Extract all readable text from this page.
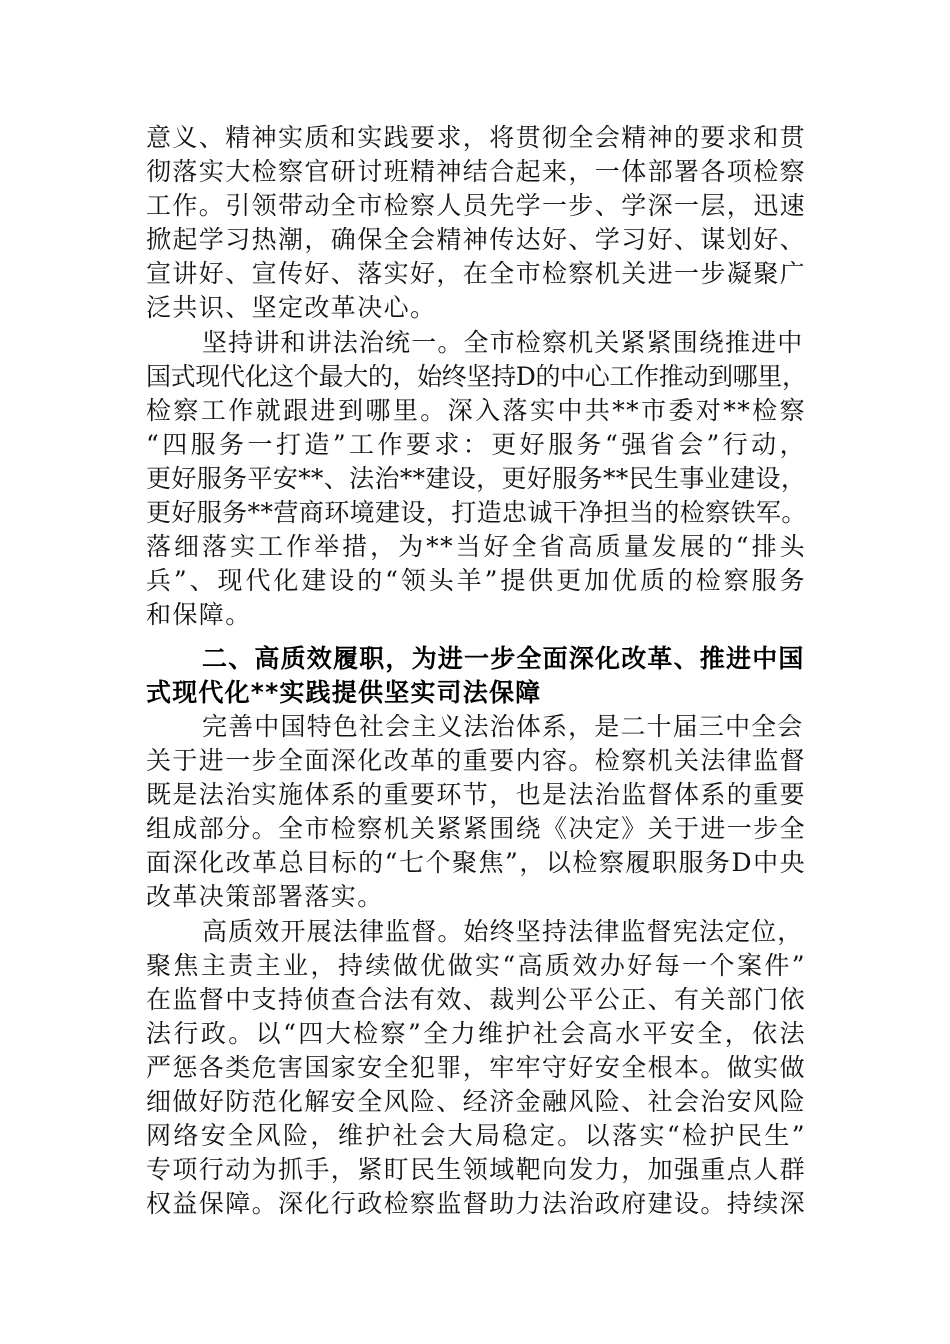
意义、精神实质和实践要求，将贯彻全会精神的要求和贯
彻落实大检察官研讨班精神结合起来，一体部署各项检察
工作。引领带动全市检察人员先学一步、学深一层，迅速
掀起学习热潮，确保全会精神传达好、学习好、谋划好、
宣讲好、宣传好、落实好，在全市检察机关进一步凝聚广
泛共识、坚定改革决心。
坚持讲和讲法治统一。全市检察机关紧紧围绕推进中
国式现代化这个最大的，始终坚持D的中心工作推动到哪里，
检察工作就跟进到哪里。深入落实中共**市委对**检察
“四服务一打造”工作要求：更好服务“强省会”行动，
更好服务平安**、法治**建设，更好服务**民生事业建设，
更好服务**营商环境建设，打造忠诚干净担当的检察铁军。
落细落实工作举措，为**当好全省高质量发展的“排头
兵”、现代化建设的“领头羊”提供更加优质的检察服务
和保障。
二、高质效履职，为进一步全面深化改革、推进中国
式现代化**实践提供坚实司法保障
完善中国特色社会主义法治体系，是二十届三中全会
关于进一步全面深化改革的重要内容。检察机关法律监督
既是法治实施体系的重要环节，也是法治监督体系的重要
组成部分。全市检察机关紧紧围绕《决定》关于进一步全
面深化改革总目标的“七个聚焦”，以检察履职服务D中央
改革决策部署落实。
高质效开展法律监督。始终坚持法律监督宪法定位，
聚焦主责主业，持续做优做实“高质效办好每一个案件”
在监督中支持侦查合法有效、裁判公平公正、有关部门依
法行政。以“四大检察”全力维护社会高水平安全，依法
严惩各类危害国家安全犯罪，牢牢守好安全根本。做实做
细做好防范化解安全风险、经济金融风险、社会治安风险
网络安全风险，维护社会大局稳定。以落实“检护民生”
专项行动为抓手，紧盯民生领域靶向发力，加强重点人群
权益保障。深化行政检察监督助力法治政府建设。持续深
